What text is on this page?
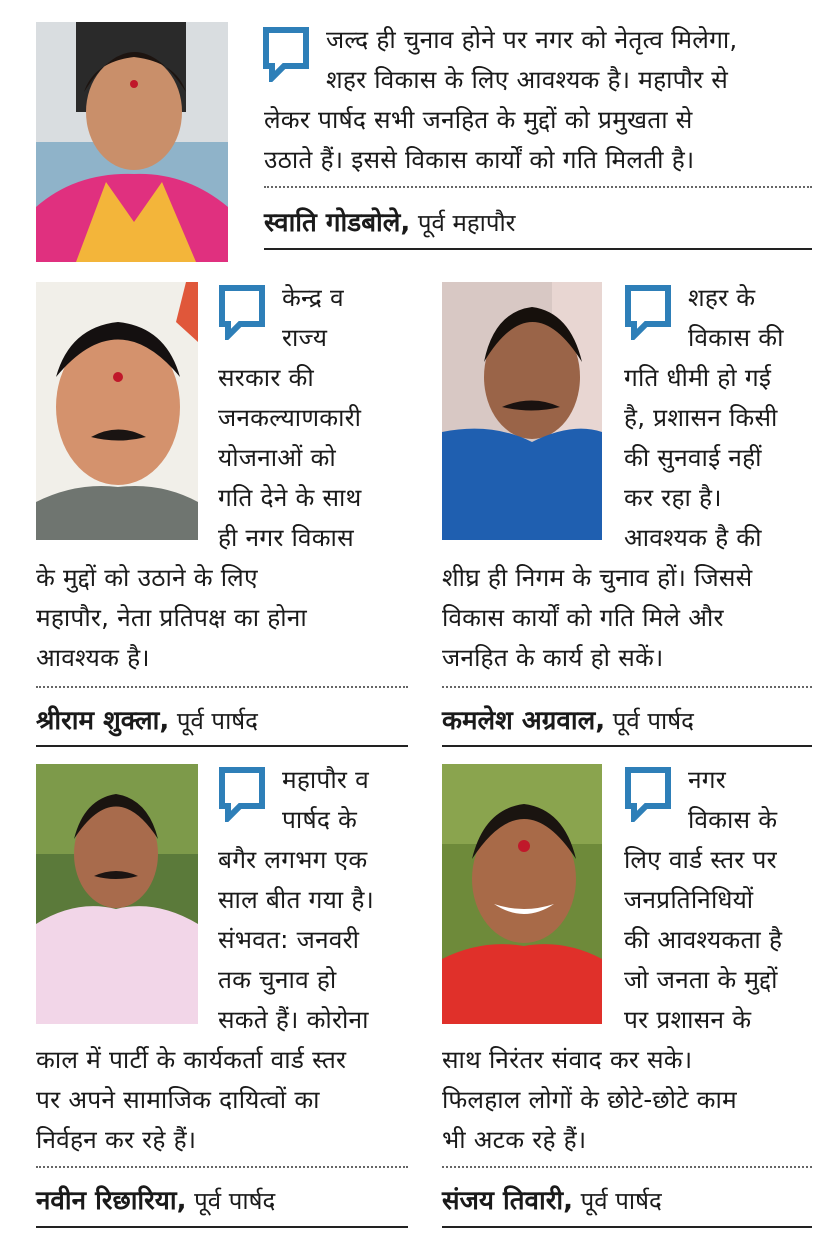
जल्द ही चुनाव होने पर नगर को नेतृत्व मिलेगा,
शहर विकास के लिए आवश्यक है। महापौर से
लेकर पार्षद सभी जनहित के मुद्दों को प्रमुखता से
उठाते हैं। इससे विकास कार्यों को गति मिलती है।
स्वाति गोडबोले, पूर्व महापौर
केन्द्र व
राज्य
सरकार की
जनकल्याणकारी
योजनाओं को
गति देने के साथ
ही नगर विकास
के मुद्दों को उठाने के लिए
महापौर, नेता प्रतिपक्ष का होना
आवश्यक है।
श्रीराम शुक्ला, पूर्व पार्षद
शहर के
विकास की
गति धीमी हो गई
है, प्रशासन किसी
की सुनवाई नहीं
कर रहा है।
आवश्यक है की
शीघ्र ही निगम के चुनाव हों। जिससे
विकास कार्यों को गति मिले और
जनहित के कार्य हो सकें।
कमलेश अग्रवाल, पूर्व पार्षद
महापौर व
पार्षद के
बगैर लगभग एक
साल बीत गया है।
संभवत: जनवरी
तक चुनाव हो
सकते हैं। कोरोना
काल में पार्टी के कार्यकर्ता वार्ड स्तर
पर अपने सामाजिक दायित्वों का
निर्वहन कर रहे हैं।
नवीन रिछारिया, पूर्व पार्षद
नगर
विकास के
लिए वार्ड स्तर पर
जनप्रतिनिधियों
की आवश्यकता है
जो जनता के मुद्दों
पर प्रशासन के
साथ निरंतर संवाद कर सके।
फिलहाल लोगों के छोटे-छोटे काम
भी अटक रहे हैं।
संजय तिवारी, पूर्व पार्षद
